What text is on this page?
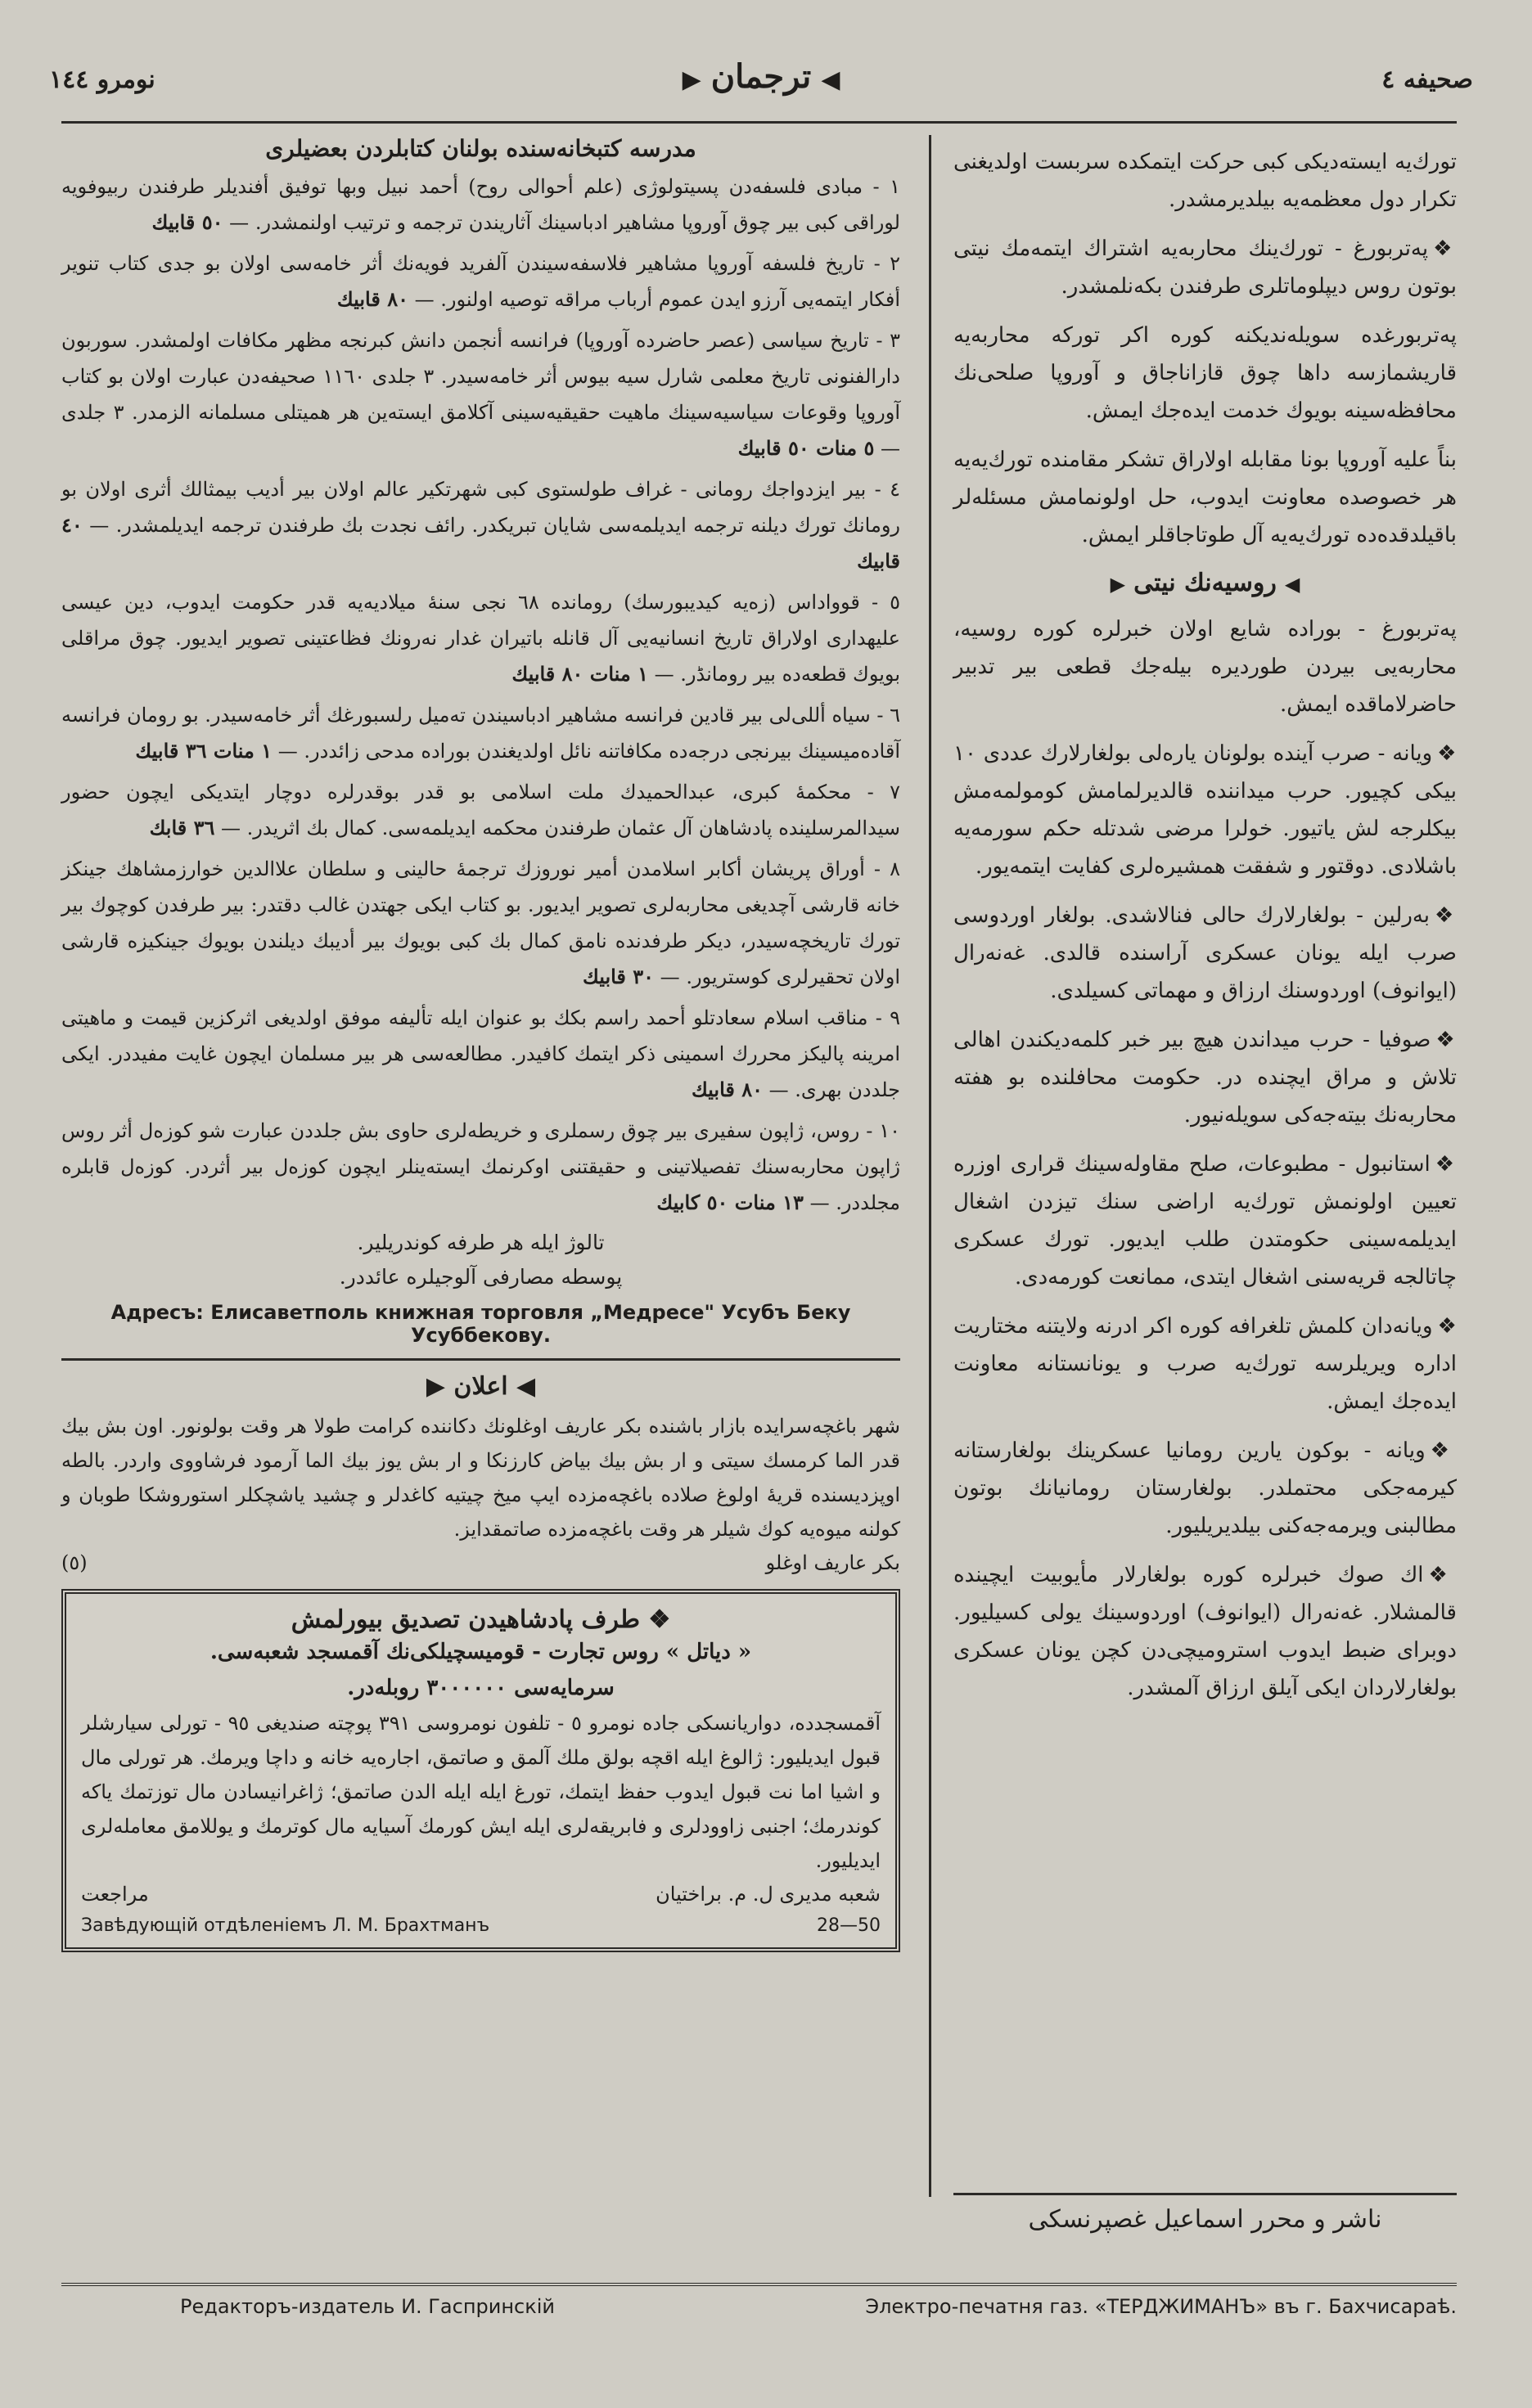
صحیفه ٤
◀ترجمان▶
نومرو ١٤٤

تورك‌یه ایسته‌دیکی کبی حرکت ایتمکده سربست اولدیغنی تکرار دول معظمه‌یه بیلدیرمشدر.

❖پەتربورغ - تورك‌ینك محاربه‌یه اشتراك ایتمەمك نیتی بوتون روس دیپلوماتلری طرفندن بکه‌نلمشدر.

پەتربورغده سویله‌ندیکنه کوره اکر تورکه محاربه‌یه قاریشمازسه داها چوق قازاناجاق و آوروپا صلحی‌نك محافظه‌سینه بویوك خدمت ایده‌جك ایمش.

بناً علیه آوروپا بونا مقابله اولاراق تشکر مقامنده تورك‌یه‌یه هر خصوصده معاونت ایدوب، حل اولونمامش مسئله‌لر باقیلدقده‌ده تورك‌یه‌یه آل طوتاجاقلر ایمش.

◀روسیه‌نك نیتی▶

پەتربورغ - بوراده شایع اولان خبرلره کوره روسیه، محاربه‌یی بیردن طوردیره بیله‌جك قطعی بیر تدبیر حاضرلاماقده ایمش.

❖ویانه - صرب آینده بولونان یاره‌لی بولغارلارك عددی ١٠ بیكی کچیور. حرب میداننده قالدیرلمامش کومولمه‌مش بیکلرجه لش یاتیور. خولرا مرضی شدتله حکم سورمه‌یه باشلادی. دوقتور و شفقت همشیره‌لری کفایت ایتمه‌یور.

❖بەرلین - بولغارلارك حالی فنالاشدی. بولغار اوردوسی صرب ایله یونان عسکری آراسنده قالدی. غەنەرال (ایوانوف) اوردوسنك ارزاق و مهماتی کسیلدی.

❖صوفیا - حرب میداندن هیچ بیر خبر کلمه‌دیکندن اهالی تلاش و مراق ایچنده در. حکومت محافلنده بو هفته محاربه‌نك بیته‌جه‌کی سویله‌نیور.

❖استانبول - مطبوعات، صلح مقاوله‌سینك قراری اوزره تعیین اولونمش تورك‌یه اراضی سنك تیزدن اشغال ایدیلمه‌سینی حکومتدن طلب ایدیور. تورك عسکری چاتالجه قریه‌سنی اشغال ایتدی، ممانعت کورمه‌دی.

❖ویانه‌دان کلمش تلغرافه کوره اکر ادرنه ولایتنه مختاریت اداره ویریلرسه تورك‌یه صرب و یونانستانه معاونت ایده‌جك ایمش.

❖ویانه - بوکون یارین رومانیا عسکرینك بولغارستانه کیرمه‌جکی محتملدر. بولغارستان رومانیانك بوتون مطالبنی ویرمه‌جه‌کنی بیلدیریلیور.

❖اك صوك خبرلره کوره بولغارلار مأیوبیت ایچینده قالمشلار. غەنەرال (ایوانوف) اوردوسینك یولی کسیلیور. دوبرای ضبط ایدوب استرومیچی‌دن کچن یونان عسکری بولغارلاردان ایکی آیلق ارزاق آلمشدر.

مدرسه کتبخانه‌سنده بولنان کتابلردن بعضیلری

١ - مبادی فلسفه‌دن پسیتولوژی (علم أحوالی روح) أحمد نبیل وبها توفیق أفندیلر طرفندن ربیوفویه لوراقی کبی بیر چوق آوروپا مشاهیر ادباسینك آثاریندن ترجمه و ترتیب اولنمشدر. — ٥٠ قابیك

٢ - تاریخ فلسفه آوروپا مشاهیر فلاسفه‌سیندن آلفرید فویه‌نك أثر خامه‌سی اولان بو جدی کتاب تنویر أفکار ایتمه‌یی آرزو ایدن عموم أرباب مراقه توصیه اولنور. — ٨٠ قابیك

٣ - تاریخ سیاسی (عصر حاضرده آوروپا) فرانسه أنجمن دانش کبرنجه مظهر مکافات اولمشدر. سوربون دارالفنونی تاریخ معلمی شارل سیه بیوس أثر خامه‌سیدر. ٣ جلدی ١١٦٠ صحیفه‌دن عبارت اولان بو کتاب آوروپا وقوعات سیاسیه‌سینك ماهیت حقیقیه‌سینی آکلامق ایستەین هر همیتلی مسلمانه الزمدر. ٣ جلدی — ٥ منات ٥٠ قابیك

٤ - بیر ایزدواجك رومانی - غراف طولستوی کبی شهرتکیر عالم اولان بیر أدیب بیمثالك أثری اولان بو رومانك تورك دیلنه ترجمه ایدیلمه‌سی شایان تبریکدر. رائف نجدت بك طرفندن ترجمه ایدیلمشدر. — ٤٠ قابیك

٥ - قوواداس (زەیه کیدیبورسك) رومانده ٦٨ نجی سنهٔ میلادیه‌یه قدر حکومت ایدوب، دین عیسی علیهداری اولاراق تاریخ انسانیه‌یی آل قانله باتیران غدار نەرونك فظاعتینی تصویر ایدیور. چوق مراقلی بویوك قطعه‌ده بیر رومانڈر. — ١ منات ٨٠ قابیك

٦ - سیاه أللی‌لی بیر قادین فرانسه مشاهیر ادباسیندن تەمیل رلسبورغك أثر خامه‌سیدر. بو رومان فرانسه آقاده‌میسینك بیرنجی درجه‌ده مکافاتنه نائل اولدیغندن بوراده مدحی زائددر. — ١ منات ٣٦ قابیك

٧ - محکمهٔ کبری، عبدالحمیدك ملت اسلامی بو قدر بوقدرلره دوچار ایتدیکی ایچون حضور سیدالمرسلینده پادشاهان آل عثمان طرفندن محکمه ایدیلمه‌سی. کمال بك اثریدر. — ٣٦ قابك

٨ - أوراق پریشان أکابر اسلامدن أمیر نوروزك ترجمهٔ حالینی و سلطان علاالدین خوارزمشاهك جینکز خانه قارشی آچدیغی محاربه‌لری تصویر ایدیور. بو کتاب ایکی جهتدن غالب دقتدر: بیر طرفدن کوچوك بیر تورك تاریخچه‌سیدر، دیکر طرفدنده نامق کمال بك کبی بویوك بیر أدیبك دیلندن بویوك جینکیزه قارشی اولان تحقیرلری کوستریور. — ٣٠ قابیك

٩ - مناقب اسلام سعادتلو أحمد راسم بکك بو عنوان ایله تألیفه موفق اولدیغی اثرکزین قیمت و ماهیتی امرینه پالیکز محررك اسمینی ذکر ایتمك کافیدر. مطالعه‌سی هر بیر مسلمان ایچون غایت مفیددر. ایکی جلددن بهری. — ٨٠ قابیك

١٠ - روس، ژاپون سفیری بیر چوق رسملری و خریطه‌لری حاوی بش جلددن عبارت شو کوزەل أثر روس ژاپون محاربه‌سنك تفصیلاتینی و حقیقتنی اوکرنمك ایسته‌ینلر ایچون کوزەل بیر أثردر. کوزەل قابلره مجلددر. — ١٣ منات ٥٠ کابیك

تالوژ ایله هر طرفه کوندریلیر.
پوسطه مصارفی آلوجیلره عائددر.
Адресъ: Елисаветполь книжная торговля „Медресе" Усубъ Беку Усуббекову.
◀ اعلان ▶
شهر باغچەسرایده بازار باشنده بکر عاریف اوغلونك دکاننده کرامت طولا هر وقت بولونور. اون بش بیك قدر الما کرمسك سیتی و ار بش بیك بیاض کارزنکا و ار بش یوز بیك الما آرمود فرشاووی واردر. بالطه اوپزدیسنده قریهٔ اولوغ صلاده باغچه‌مزده ایپ میخ چیتیه کاغدلر و چشید یاشچکلر استوروشکا طوبان و کولنه میوه‌یه کوك شیلر هر وقت باغچه‌مزده صاتمقدایز.
بکر عاریف اوغلو
(٥)
❖ طرف پادشاهیدن تصدیق بیورلمش
« دیاتل » روس تجارت - قومیسچیلکی‌نك آقمسجد شعبه‌سی.
سرمایه‌سی ٣٠٠٠٠٠٠ روبله‌در.
آقمسجدده، دواریانسکی جاده نومرو ٥ - تلفون نومروسی ٣٩١ پوچته صندیغی ٩٥ - تورلی سیارشلر قبول ایدیلیور: ژالوغ ایله اقچه بولق ملك آلمق و صاتمق، اجاره‌یه خانه و داچا ویرمك. هر تورلی مال و اشیا اما نت قبول ایدوب حفظ ایتمك، تورغ ایله ایله الدن صاتمق؛ ژاغرانیسادن مال توزتمك یاکه کوندرمك؛ اجنبی زاوودلری و فابریقه‌لری ایله ایش کورمك آسیایه مال کوترمك و یوللامق معامله‌لری ایدیلیور.
شعبه مدیری ل. م. براختیان
مراجعت
Завѣдующій отдѣленіемъ Л. М. Брахтманъ	28—50
ناشر و محرر اسماعیل غصپرنسکی
Редакторъ-издатель И. Гаспринскій	Электро-печатня газ. «ТЕРДЖИМАНЪ» въ г. Бахчисараѣ.
